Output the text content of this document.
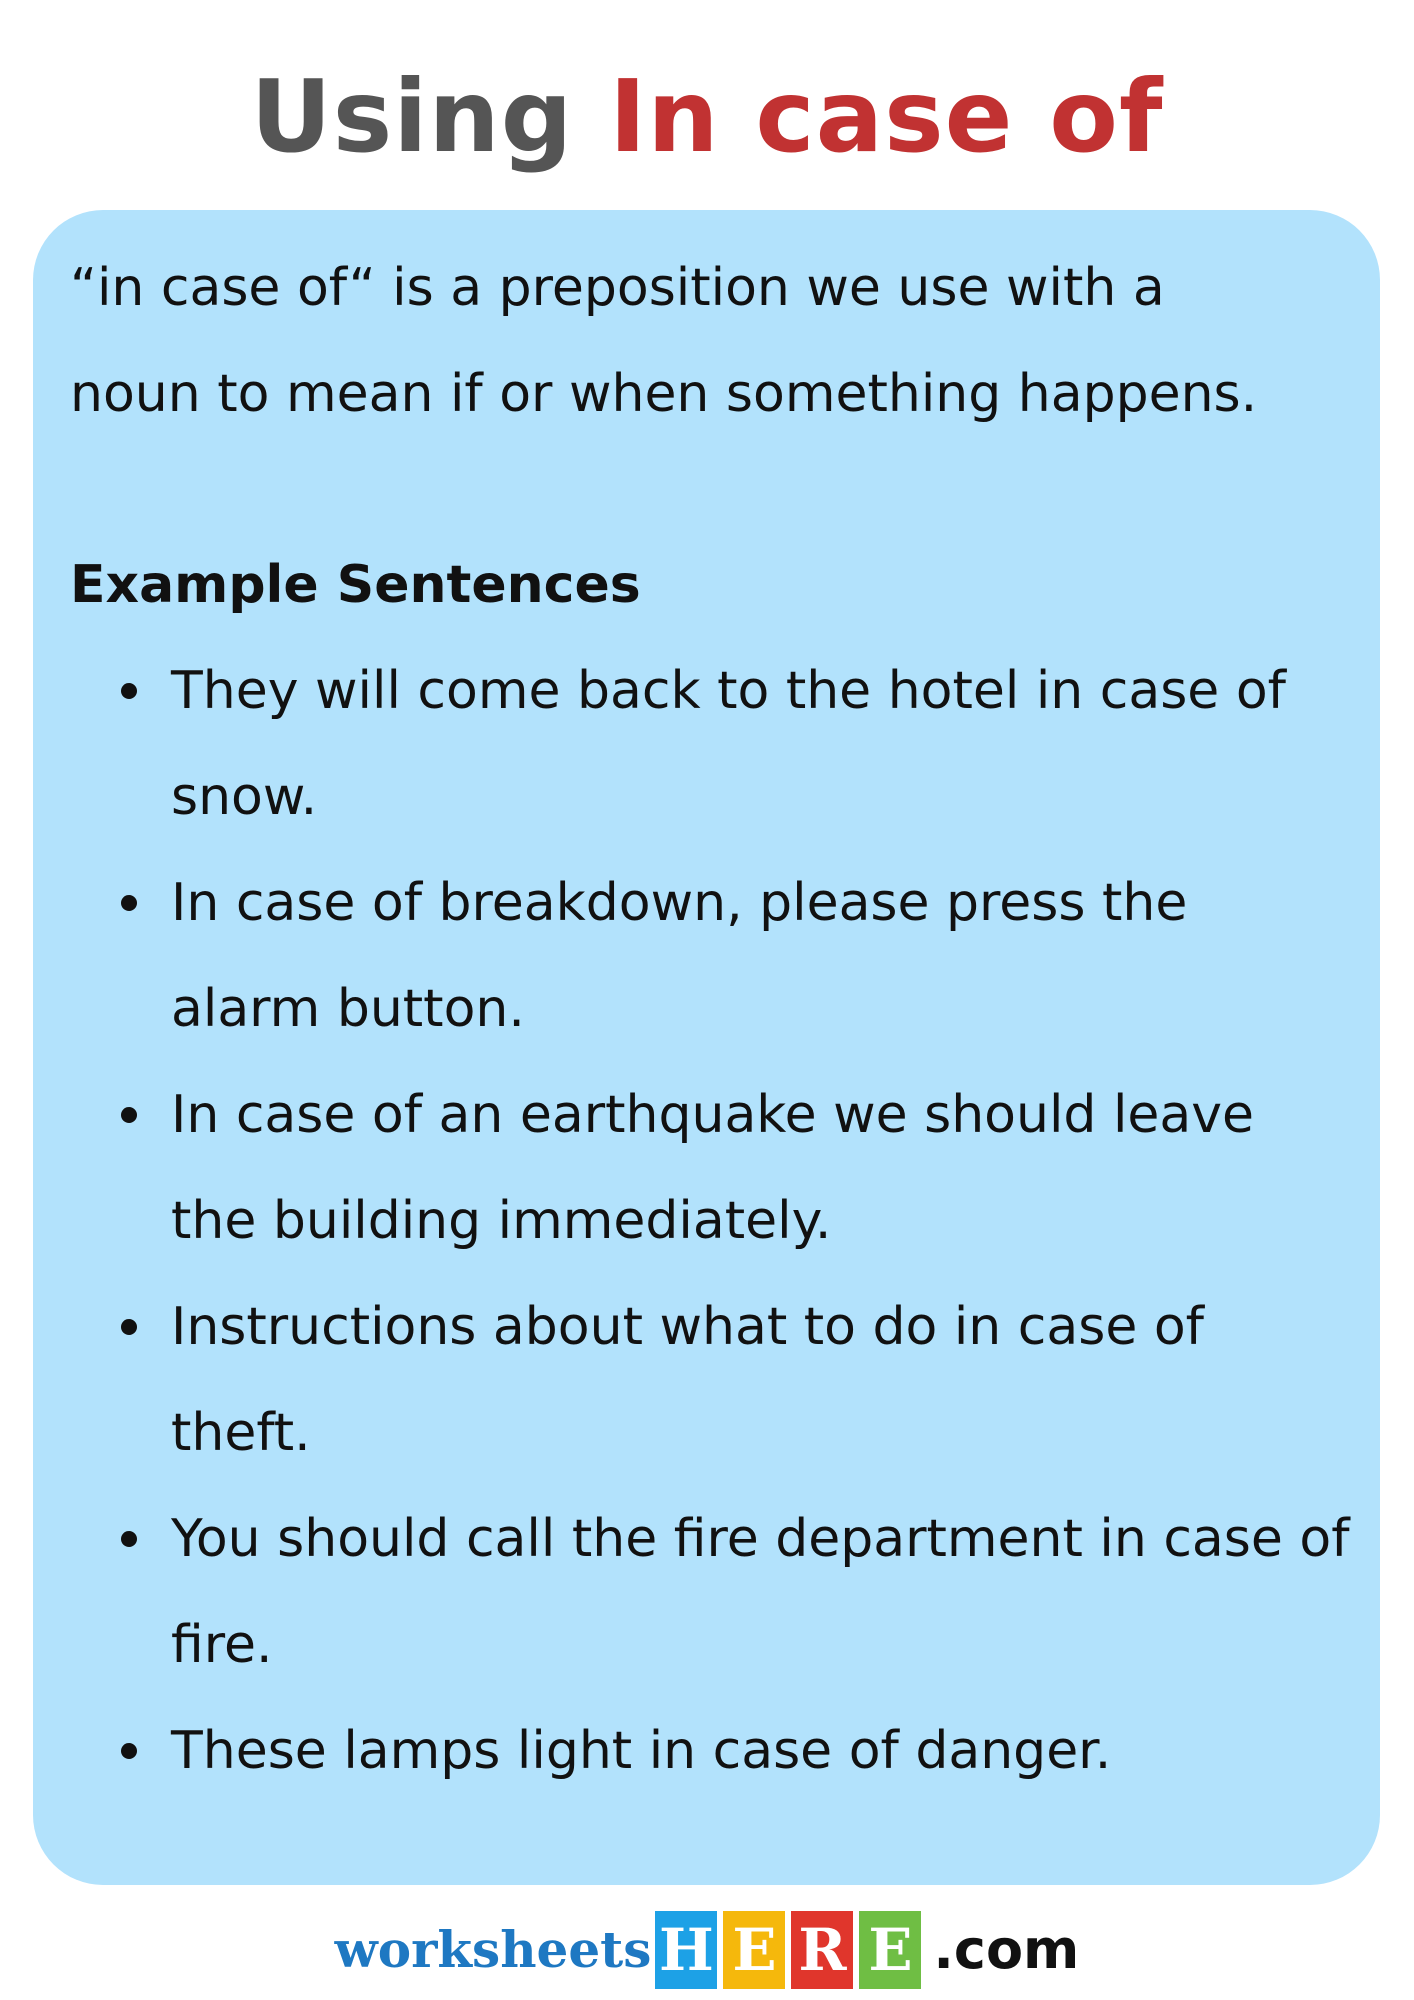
Using In case of

“in case of“ is a preposition we use with a
noun to mean if or when something happens.

Example Sentences

They will come back to the hotel in case of snow.
In case of breakdown, please press the alarm button.
In case of an earthquake we should leave the building immediately.
Instructions about what to do in case of theft.
You should call the fire department in case of fire.
These lamps light in case of danger.
worksheets H E R E .com
